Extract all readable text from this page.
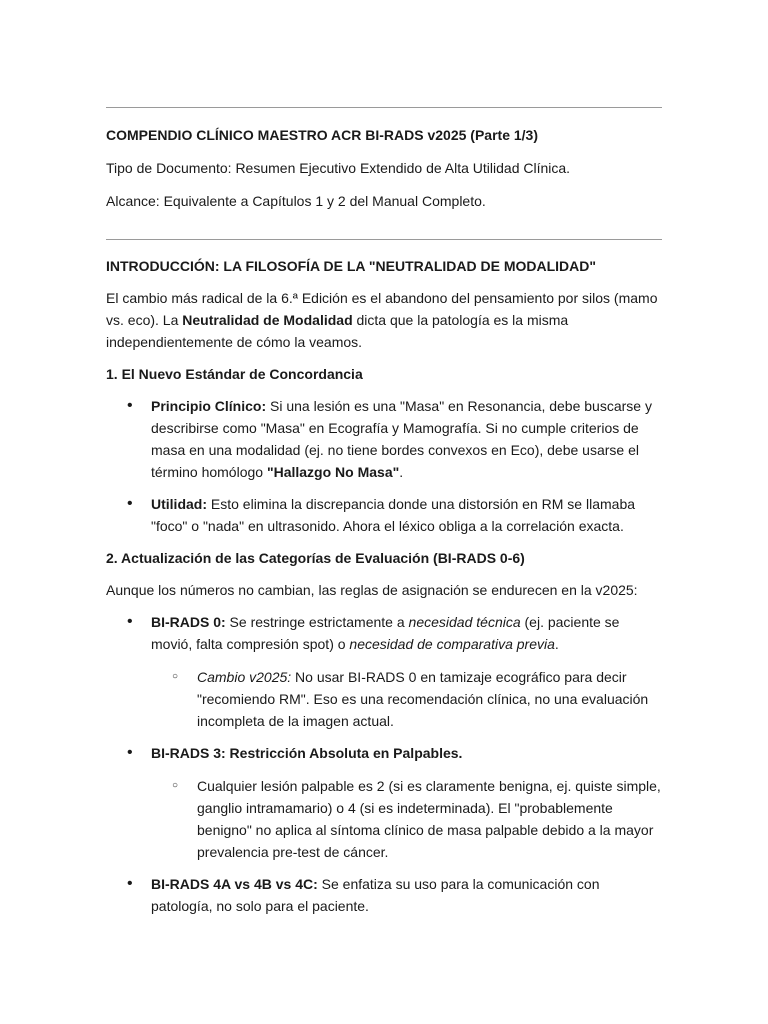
COMPENDIO CLÍNICO MAESTRO ACR BI-RADS v2025 (Parte 1/3)

Tipo de Documento: Resumen Ejecutivo Extendido de Alta Utilidad Clínica.

Alcance: Equivalente a Capítulos 1 y 2 del Manual Completo.

INTRODUCCIÓN: LA FILOSOFÍA DE LA "NEUTRALIDAD DE MODALIDAD"

El cambio más radical de la 6.ª Edición es el abandono del pensamiento por silos (mamo vs. eco). La Neutralidad de Modalidad dicta que la patología es la misma independientemente de cómo la veamos.

1. El Nuevo Estándar de Concordancia

• Principio Clínico: Si una lesión es una "Masa" en Resonancia, debe buscarse y describirse como "Masa" en Ecografía y Mamografía. Si no cumple criterios de masa en una modalidad (ej. no tiene bordes convexos en Eco), debe usarse el término homólogo "Hallazgo No Masa".
• Utilidad: Esto elimina la discrepancia donde una distorsión en RM se llamaba "foco" o "nada" en ultrasonido. Ahora el léxico obliga a la correlación exacta.

2. Actualización de las Categorías de Evaluación (BI-RADS 0-6)

Aunque los números no cambian, las reglas de asignación se endurecen en la v2025:

• BI-RADS 0: Se restringe estrictamente a necesidad técnica (ej. paciente se movió, falta compresión spot) o necesidad de comparativa previa.
○ Cambio v2025: No usar BI-RADS 0 en tamizaje ecográfico para decir "recomiendo RM". Eso es una recomendación clínica, no una evaluación incompleta de la imagen actual.
• BI-RADS 3: Restricción Absoluta en Palpables.
○ Cualquier lesión palpable es 2 (si es claramente benigna, ej. quiste simple, ganglio intramamario) o 4 (si es indeterminada). El "probablemente benigno" no aplica al síntoma clínico de masa palpable debido a la mayor prevalencia pre-test de cáncer.
• BI-RADS 4A vs 4B vs 4C: Se enfatiza su uso para la comunicación con patología, no solo para el paciente.
